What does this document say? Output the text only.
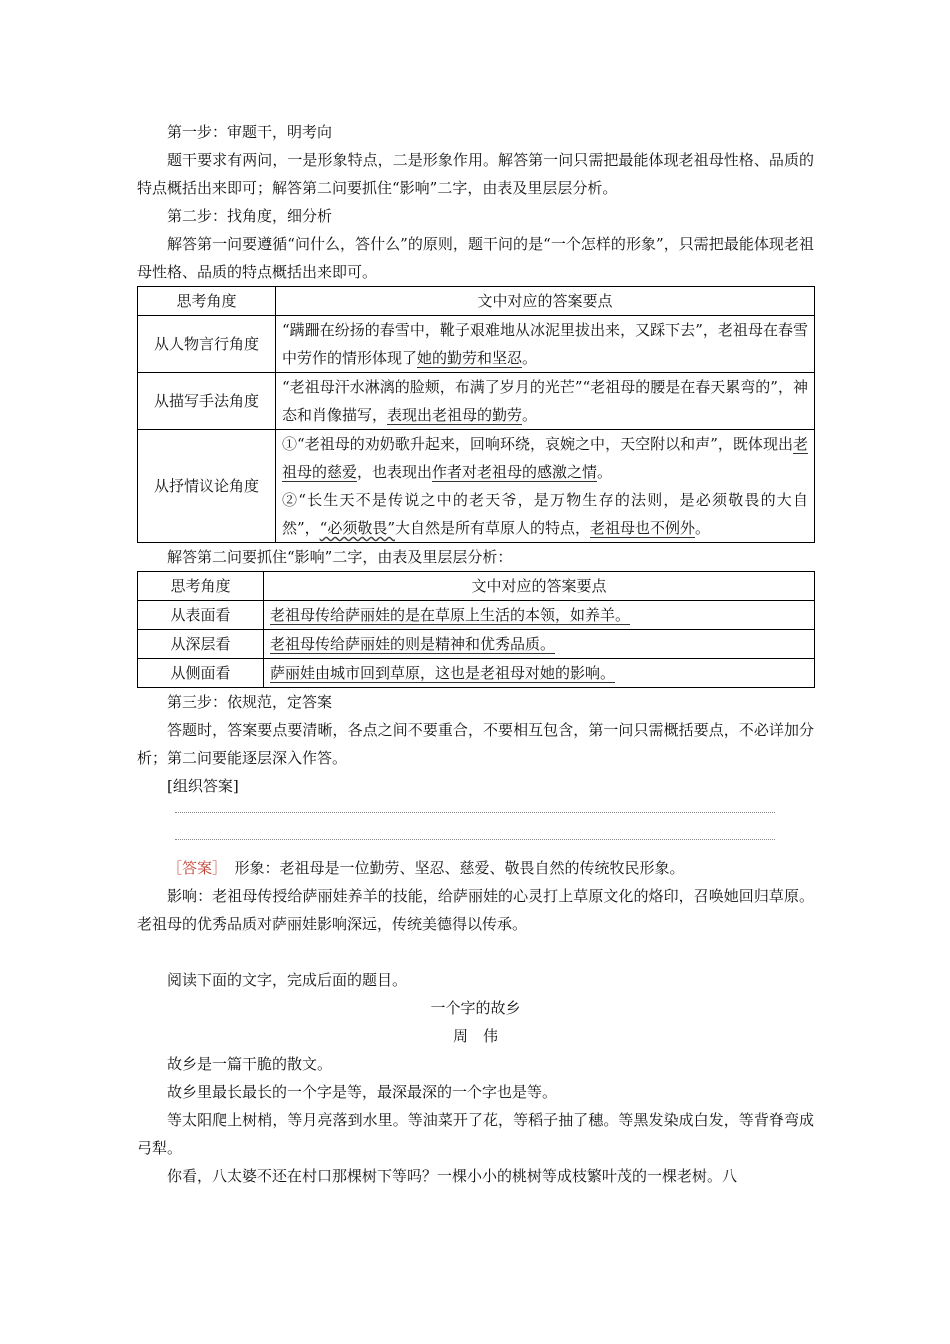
第一步：审题干，明考向

题干要求有两问，一是形象特点，二是形象作用。解答第一问只需把最能体现老祖母性格、品质的特点概括出来即可；解答第二问要抓住“影响”二字，由表及里层层分析。

第二步：找角度，细分析

解答第一问要遵循“问什么，答什么”的原则，题干问的是“一个怎样的形象”，只需把最能体现老祖母性格、品质的特点概括出来即可。

思考角度	文中对应的答案要点
从人物言行角度	“蹒跚在纷扬的春雪中，靴子艰难地从冰泥里拔出来，又踩下去”，老祖母在春雪中劳作的情形体现了她的勤劳和坚忍。
从描写手法角度	“老祖母汗水淋漓的脸颊，布满了岁月的光芒”“老祖母的腰是在春天累弯的”，神态和肖像描写，表现出老祖母的勤劳。
从抒情议论角度	①“老祖母的劝奶歌升起来，回响环绕，哀婉之中，天空附以和声”，既体现出老祖母的慈爱，也表现出作者对老祖母的感激之情。
②“长生天不是传说之中的老天爷，是万物生存的法则，是必须敬畏的大自然”，“必须敬畏”大自然是所有草原人的特点，老祖母也不例外。

解答第二问要抓住“影响”二字，由表及里层层分析：

思考角度	文中对应的答案要点
从表面看	老祖母传给萨丽娃的是在草原上生活的本领，如养羊。
从深层看	老祖母传给萨丽娃的则是精神和优秀品质。
从侧面看	萨丽娃由城市回到草原，这也是老祖母对她的影响。

第三步：依规范，定答案

答题时，答案要点要清晰，各点之间不要重合，不要相互包含，第一问只需概括要点，不必详加分析；第二问要能逐层深入作答。

[组织答案]

［答案］　 形象：老祖母是一位勤劳、坚忍、慈爱、敬畏自然的传统牧民形象。

影响：老祖母传授给萨丽娃养羊的技能，给萨丽娃的心灵打上草原文化的烙印，召唤她回归草原。老祖母的优秀品质对萨丽娃影响深远，传统美德得以传承。

阅读下面的文字，完成后面的题目。

一个字的故乡

周　伟

故乡是一篇干脆的散文。

故乡里最长最长的一个字是等，最深最深的一个字也是等。

等太阳爬上树梢，等月亮落到水里。等油菜开了花，等稻子抽了穗。等黑发染成白发，等背脊弯成弓犁。

你看，八太婆不还在村口那棵树下等吗？一棵小小的桃树等成枝繁叶茂的一棵老树。八
